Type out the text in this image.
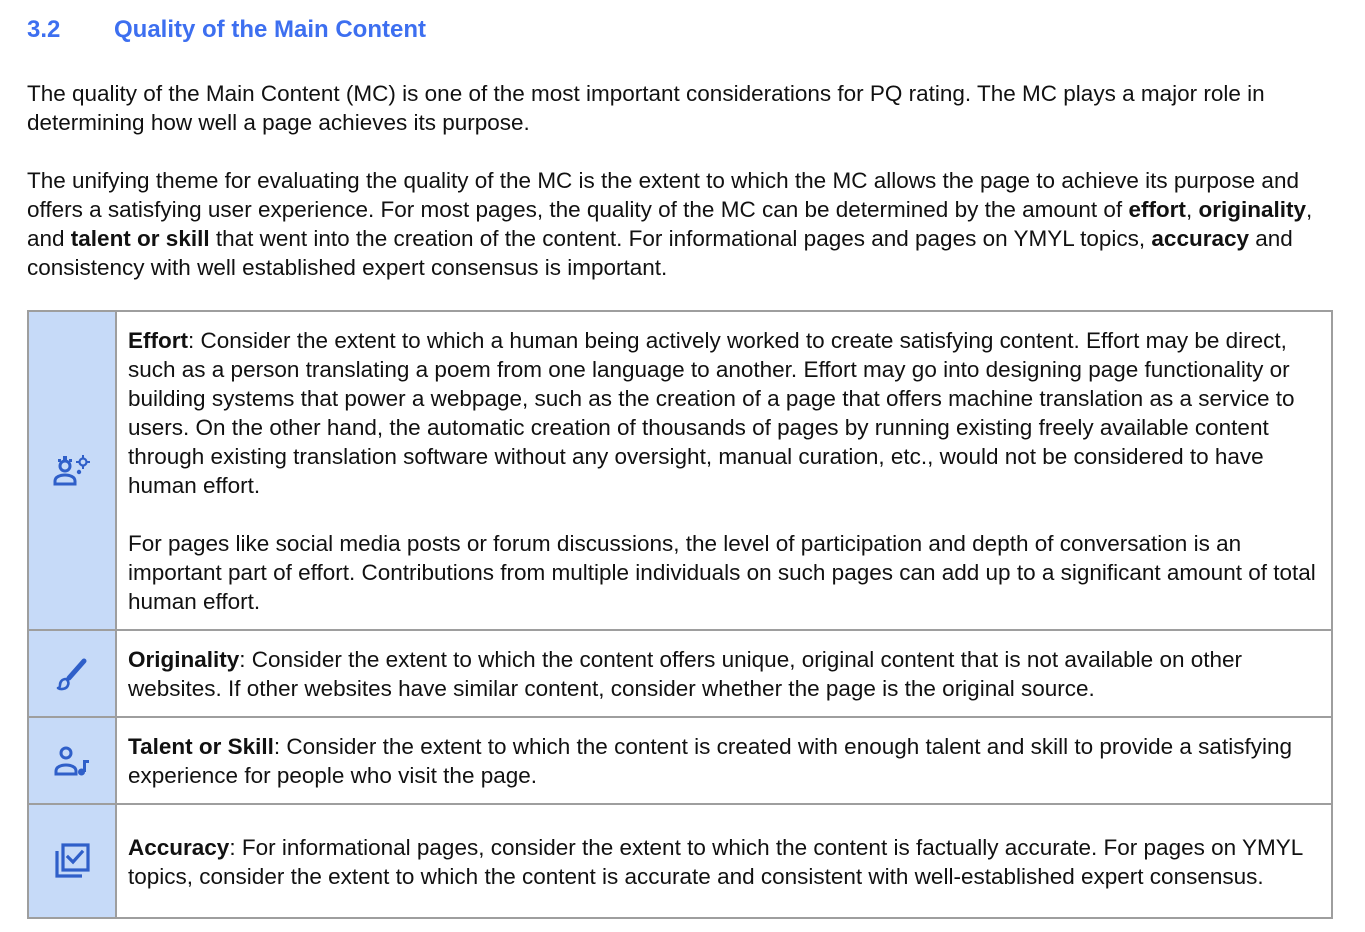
3.2 Quality of the Main Content

The quality of the Main Content (MC) is one of the most important considerations for PQ rating. The MC plays a major role in determining how well a page achieves its purpose.

The unifying theme for evaluating the quality of the MC is the extent to which the MC allows the page to achieve its purpose and offers a satisfying user experience. For most pages, the quality of the MC can be determined by the amount of effort, originality, and talent or skill that went into the creation of the content. For informational pages and pages on YMYL topics, accuracy and consistency with well established expert consensus is important.

Effort: Consider the extent to which a human being actively worked to create satisfying content. Effort may be direct, such as a person translating a poem from one language to another. Effort may go into designing page functionality or building systems that power a webpage, such as the creation of a page that offers machine translation as a service to users. On the other hand, the automatic creation of thousands of pages by running existing freely available content through existing translation software without any oversight, manual curation, etc., would not be considered to have human effort.

For pages like social media posts or forum discussions, the level of participation and depth of conversation is an important part of effort. Contributions from multiple individuals on such pages can add up to a significant amount of total human effort.

Originality: Consider the extent to which the content offers unique, original content that is not available on other websites. If other websites have similar content, consider whether the page is the original source.

Talent or Skill: Consider the extent to which the content is created with enough talent and skill to provide a satisfying experience for people who visit the page.

Accuracy: For informational pages, consider the extent to which the content is factually accurate. For pages on YMYL topics, consider the extent to which the content is accurate and consistent with well-established expert consensus.
